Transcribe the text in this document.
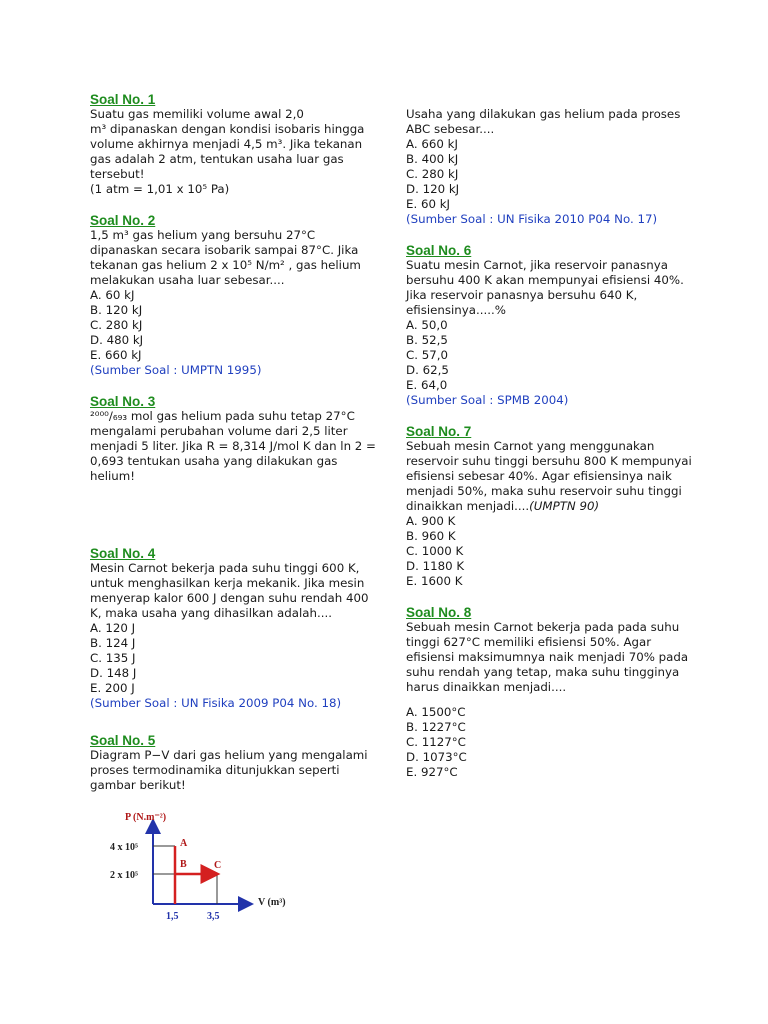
Soal No. 1
Suatu gas memiliki volume awal 2,0
m³ dipanaskan dengan kondisi isobaris hingga
volume akhirnya menjadi 4,5 m³. Jika tekanan
gas adalah 2 atm, tentukan usaha luar gas
tersebut!
(1 atm = 1,01 x 10⁵ Pa)
Soal No. 2
1,5 m³ gas helium yang bersuhu 27°C
dipanaskan secara isobarik sampai 87°C. Jika
tekanan gas helium 2 x 10⁵ N/m² , gas helium
melakukan usaha luar sebesar....
A. 60 kJ
B. 120 kJ
C. 280 kJ
D. 480 kJ
E. 660 kJ
(Sumber Soal : UMPTN 1995)
Soal No. 3
²⁰⁰⁰/₆₉₃ mol gas helium pada suhu tetap 27°C
mengalami perubahan volume dari 2,5 liter
menjadi 5 liter. Jika R = 8,314 J/mol K dan ln 2 =
0,693 tentukan usaha yang dilakukan gas
helium!
Soal No. 4
Mesin Carnot bekerja pada suhu tinggi 600 K,
untuk menghasilkan kerja mekanik. Jika mesin
menyerap kalor 600 J dengan suhu rendah 400
K, maka usaha yang dihasilkan adalah....
A. 120 J
B. 124 J
C. 135 J
D. 148 J
E. 200 J
(Sumber Soal : UN Fisika 2009 P04 No. 18)
Soal No. 5
Diagram P−V dari gas helium yang mengalami
proses termodinamika ditunjukkan seperti
gambar berikut!
P (N.m⁻²)
4 x 10⁵
2 x 10⁵
A
B	C
V (m³)
1,5	3,5
Usaha yang dilakukan gas helium pada proses
ABC sebesar....
A. 660 kJ
B. 400 kJ
C. 280 kJ
D. 120 kJ
E. 60 kJ
(Sumber Soal : UN Fisika 2010 P04 No. 17)
Soal No. 6
Suatu mesin Carnot, jika reservoir panasnya
bersuhu 400 K akan mempunyai efisiensi 40%.
Jika reservoir panasnya bersuhu 640 K,
efisiensinya.....%
A. 50,0
B. 52,5
C. 57,0
D. 62,5
E. 64,0
(Sumber Soal : SPMB 2004)
Soal No. 7
Sebuah mesin Carnot yang menggunakan
reservoir suhu tinggi bersuhu 800 K mempunyai
efisiensi sebesar 40%. Agar efisiensinya naik
menjadi 50%, maka suhu reservoir suhu tinggi
dinaikkan menjadi....(UMPTN 90)
A. 900 K
B. 960 K
C. 1000 K
D. 1180 K
E. 1600 K
Soal No. 8
Sebuah mesin Carnot bekerja pada pada suhu
tinggi 627°C memiliki efisiensi 50%. Agar
efisiensi maksimumnya naik menjadi 70% pada
suhu rendah yang tetap, maka suhu tingginya
harus dinaikkan menjadi....
A. 1500°C
B. 1227°C
C. 1127°C
D. 1073°C
E. 927°C
